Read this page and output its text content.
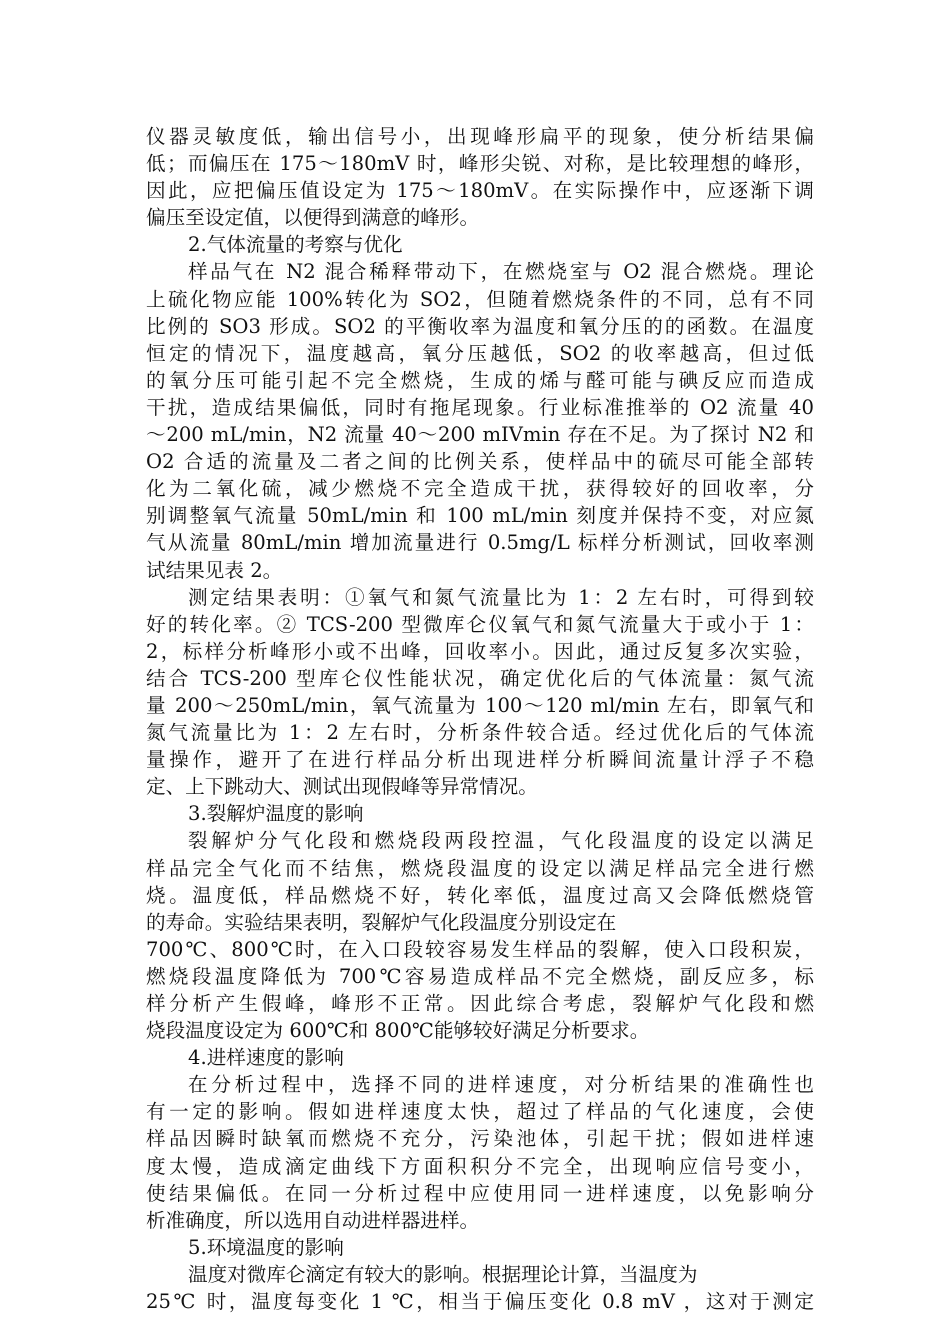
仪器灵敏度低，输出信号小，出现峰形扁平的现象，使分析结果偏
低；而偏压在 175～180mV 时，峰形尖锐、对称，是比较理想的峰形，
因此，应把偏压值设定为 175～180mV。在实际操作中，应逐渐下调
偏压至设定值，以便得到满意的峰形。
2.气体流量的考察与优化
样品气在 N2 混合稀释带动下，在燃烧室与 O2 混合燃烧。理论
上硫化物应能 100%转化为 SO2，但随着燃烧条件的不同，总有不同
比例的 SO3 形成。SO2 的平衡收率为温度和氧分压的的函数。在温度
恒定的情况下，温度越高，氧分压越低，SO2 的收率越高，但过低
的氧分压可能引起不完全燃烧，生成的烯与醛可能与碘反应而造成
干扰，造成结果偏低，同时有拖尾现象。行业标准推举的 O2 流量 40
～200 mL/min，N2 流量 40～200 mIVmin 存在不足。为了探讨 N2 和
O2 合适的流量及二者之间的比例关系，使样品中的硫尽可能全部转
化为二氧化硫，减少燃烧不完全造成干扰，获得较好的回收率，分
别调整氧气流量 50mL/min 和 100 mL/min 刻度并保持不变，对应氮
气从流量 80mL/min 增加流量进行 0.5mg/L 标样分析测试，回收率测
试结果见表 2。
测定结果表明：①氧气和氮气流量比为 1：2 左右时，可得到较
好的转化率。② TCS-200 型微库仑仪氧气和氮气流量大于或小于 1：
2，标样分析峰形小或不出峰，回收率小。因此，通过反复多次实验，
结合 TCS-200 型库仑仪性能状况，确定优化后的气体流量：氮气流
量 200～250mL/min，氧气流量为 100～120 ml/min 左右，即氧气和
氮气流量比为 1：2 左右时，分析条件较合适。经过优化后的气体流
量操作，避开了在进行样品分析出现进样分析瞬间流量计浮子不稳
定、上下跳动大、测试出现假峰等异常情况。
3.裂解炉温度的影响
裂解炉分气化段和燃烧段两段控温，气化段温度的设定以满足
样品完全气化而不结焦，燃烧段温度的设定以满足样品完全进行燃
烧。温度低，样品燃烧不好，转化率低，温度过高又会降低燃烧管
的寿命。实验结果表明，裂解炉气化段温度分别设定在
700℃、800℃时，在入口段较容易发生样品的裂解，使入口段积炭，
燃烧段温度降低为 700℃容易造成样品不完全燃烧，副反应多，标
样分析产生假峰，峰形不正常。因此综合考虑，裂解炉气化段和燃
烧段温度设定为 600℃和 800℃能够较好满足分析要求。
4.进样速度的影响
在分析过程中，选择不同的进样速度，对分析结果的准确性也
有一定的影响。假如进样速度太快，超过了样品的气化速度，会使
样品因瞬时缺氧而燃烧不充分，污染池体，引起干扰；假如进样速
度太慢，造成滴定曲线下方面积积分不完全，出现响应信号变小，
使结果偏低。在同一分析过程中应使用同一进样速度，以免影响分
析准确度，所以选用自动进样器进样。
5.环境温度的影响
温度对微库仑滴定有较大的影响。根据理论计算，当温度为
25℃ 时，温度每变化 1 ℃，相当于偏压变化 0.8 mV ，这对于测定
